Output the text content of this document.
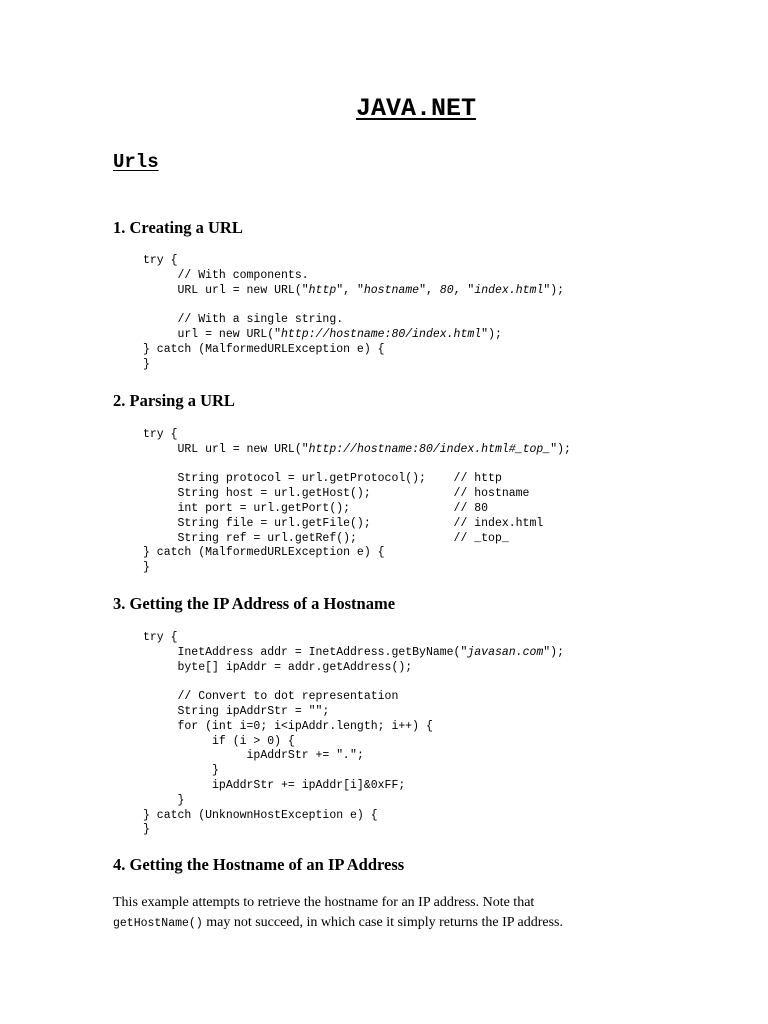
JAVA.NET
Urls
1. Creating a URL
try {
// With components.
URL url = new URL("http", "hostname", 80, "index.html");
// With a single string.
url = new URL("http://hostname:80/index.html");
} catch (MalformedURLException e) {
}
2. Parsing a URL
try {
URL url = new URL("http://hostname:80/index.html#_top_");
String protocol = url.getProtocol();    // http
String host = url.getHost();            // hostname
int port = url.getPort();               // 80
String file = url.getFile();            // index.html
String ref = url.getRef();              // _top_
} catch (MalformedURLException e) {
}
3. Getting the IP Address of a Hostname
try {
InetAddress addr = InetAddress.getByName("javasan.com");
byte[] ipAddr = addr.getAddress();
// Convert to dot representation
String ipAddrStr = "";
for (int i=0; i<ipAddr.length; i++) {
if (i > 0) {
ipAddrStr += ".";
}
ipAddrStr += ipAddr[i]&0xFF;
}
} catch (UnknownHostException e) {
}
4. Getting the Hostname of an IP Address

This example attempts to retrieve the hostname for an IP address. Note that
getHostName() may not succeed, in which case it simply returns the IP address.
